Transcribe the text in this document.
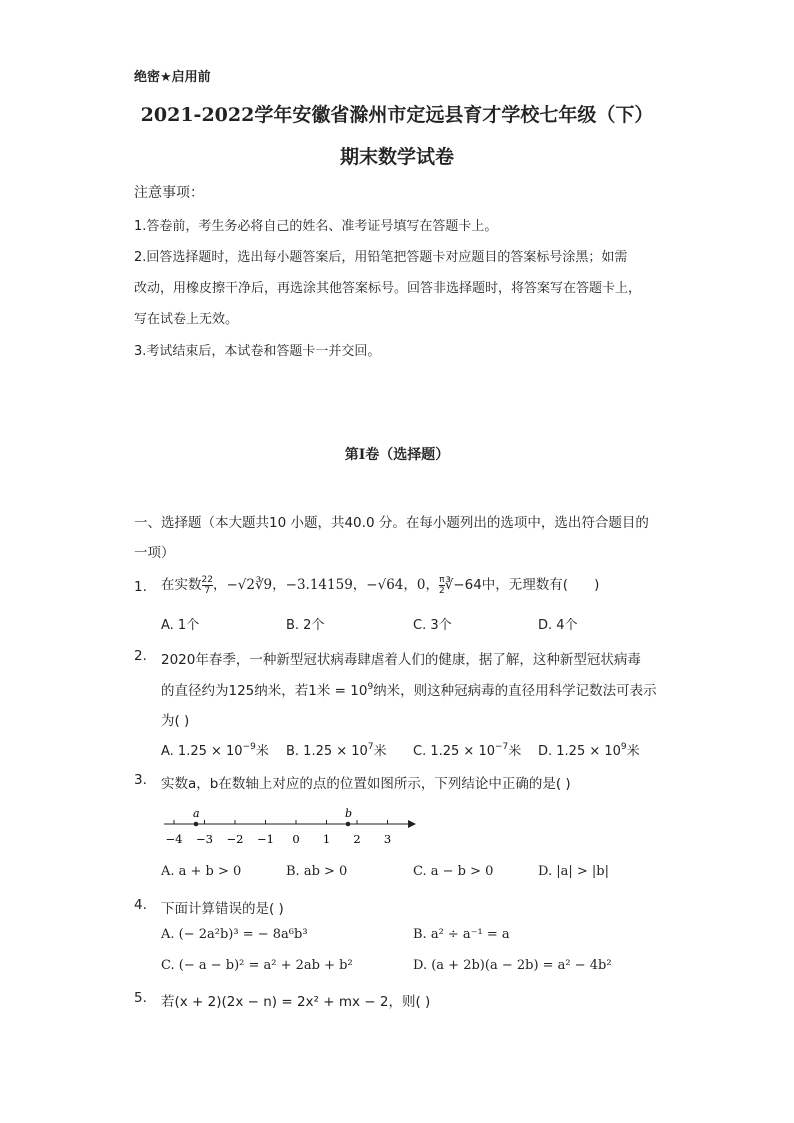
绝密★启用前
2021-2022学年安徽省滁州市定远县育才学校七年级（下）
期末数学试卷
注意事项：
1.答卷前，考生务必将自己的姓名、准考证号填写在答题卡上。
2.回答选择题时，选出每小题答案后，用铅笔把答题卡对应题目的答案标号涂黑；如需
改动，用橡皮擦干净后，再选涂其他答案标号。回答非选择题时，将答案写在答题卡上，
写在试卷上无效。
3.考试结束后，本试卷和答题卡一并交回。
第I卷（选择题）
一、选择题（本大题共10 小题，共40.0 分。在每小题列出的选项中，选出符合题目的
一项）
1. 在实数 $\frac{22}{7}$ ，−√2∛9，−3.14159，−√64，0， $\frac{\pi}{2}$ ∛−64中，无理数有( )
A. 1个	B. 2个	C. 3个	D. 4个
2. 2020年春季，一种新型冠状病毒肆虐着人们的健康，据了解，这种新型冠状病毒
的直径约为125纳米，若1米 = $10^9$纳米，则这种冠病毒的直径用科学记数法可表示
为( )
A. $1.25 \times 10^{-9}$米 B. $1.25 \times 10^7$米 C. $1.25 \times 10^{-7}$米 D. $1.25 \times 10^9$米
3. 实数a，b在数轴上对应的点的位置如图所示，下列结论中正确的是( )
−4 −3 −2 −1 0 1 2 3
a	b
A. a + b > 0	B. ab > 0	C. a − b > 0	D. |a| > |b|
4. 下面计算错误的是( )
A. (− 2a²b)³ = − 8a⁶b³	B. a² ÷ a⁻¹ = a
C. (− a − b)² = a² + 2ab + b²	D. (a + 2b)(a − 2b) = a² − 4b²
5. 若(x + 2)(2x − n) = 2x² + mx − 2，则( )
